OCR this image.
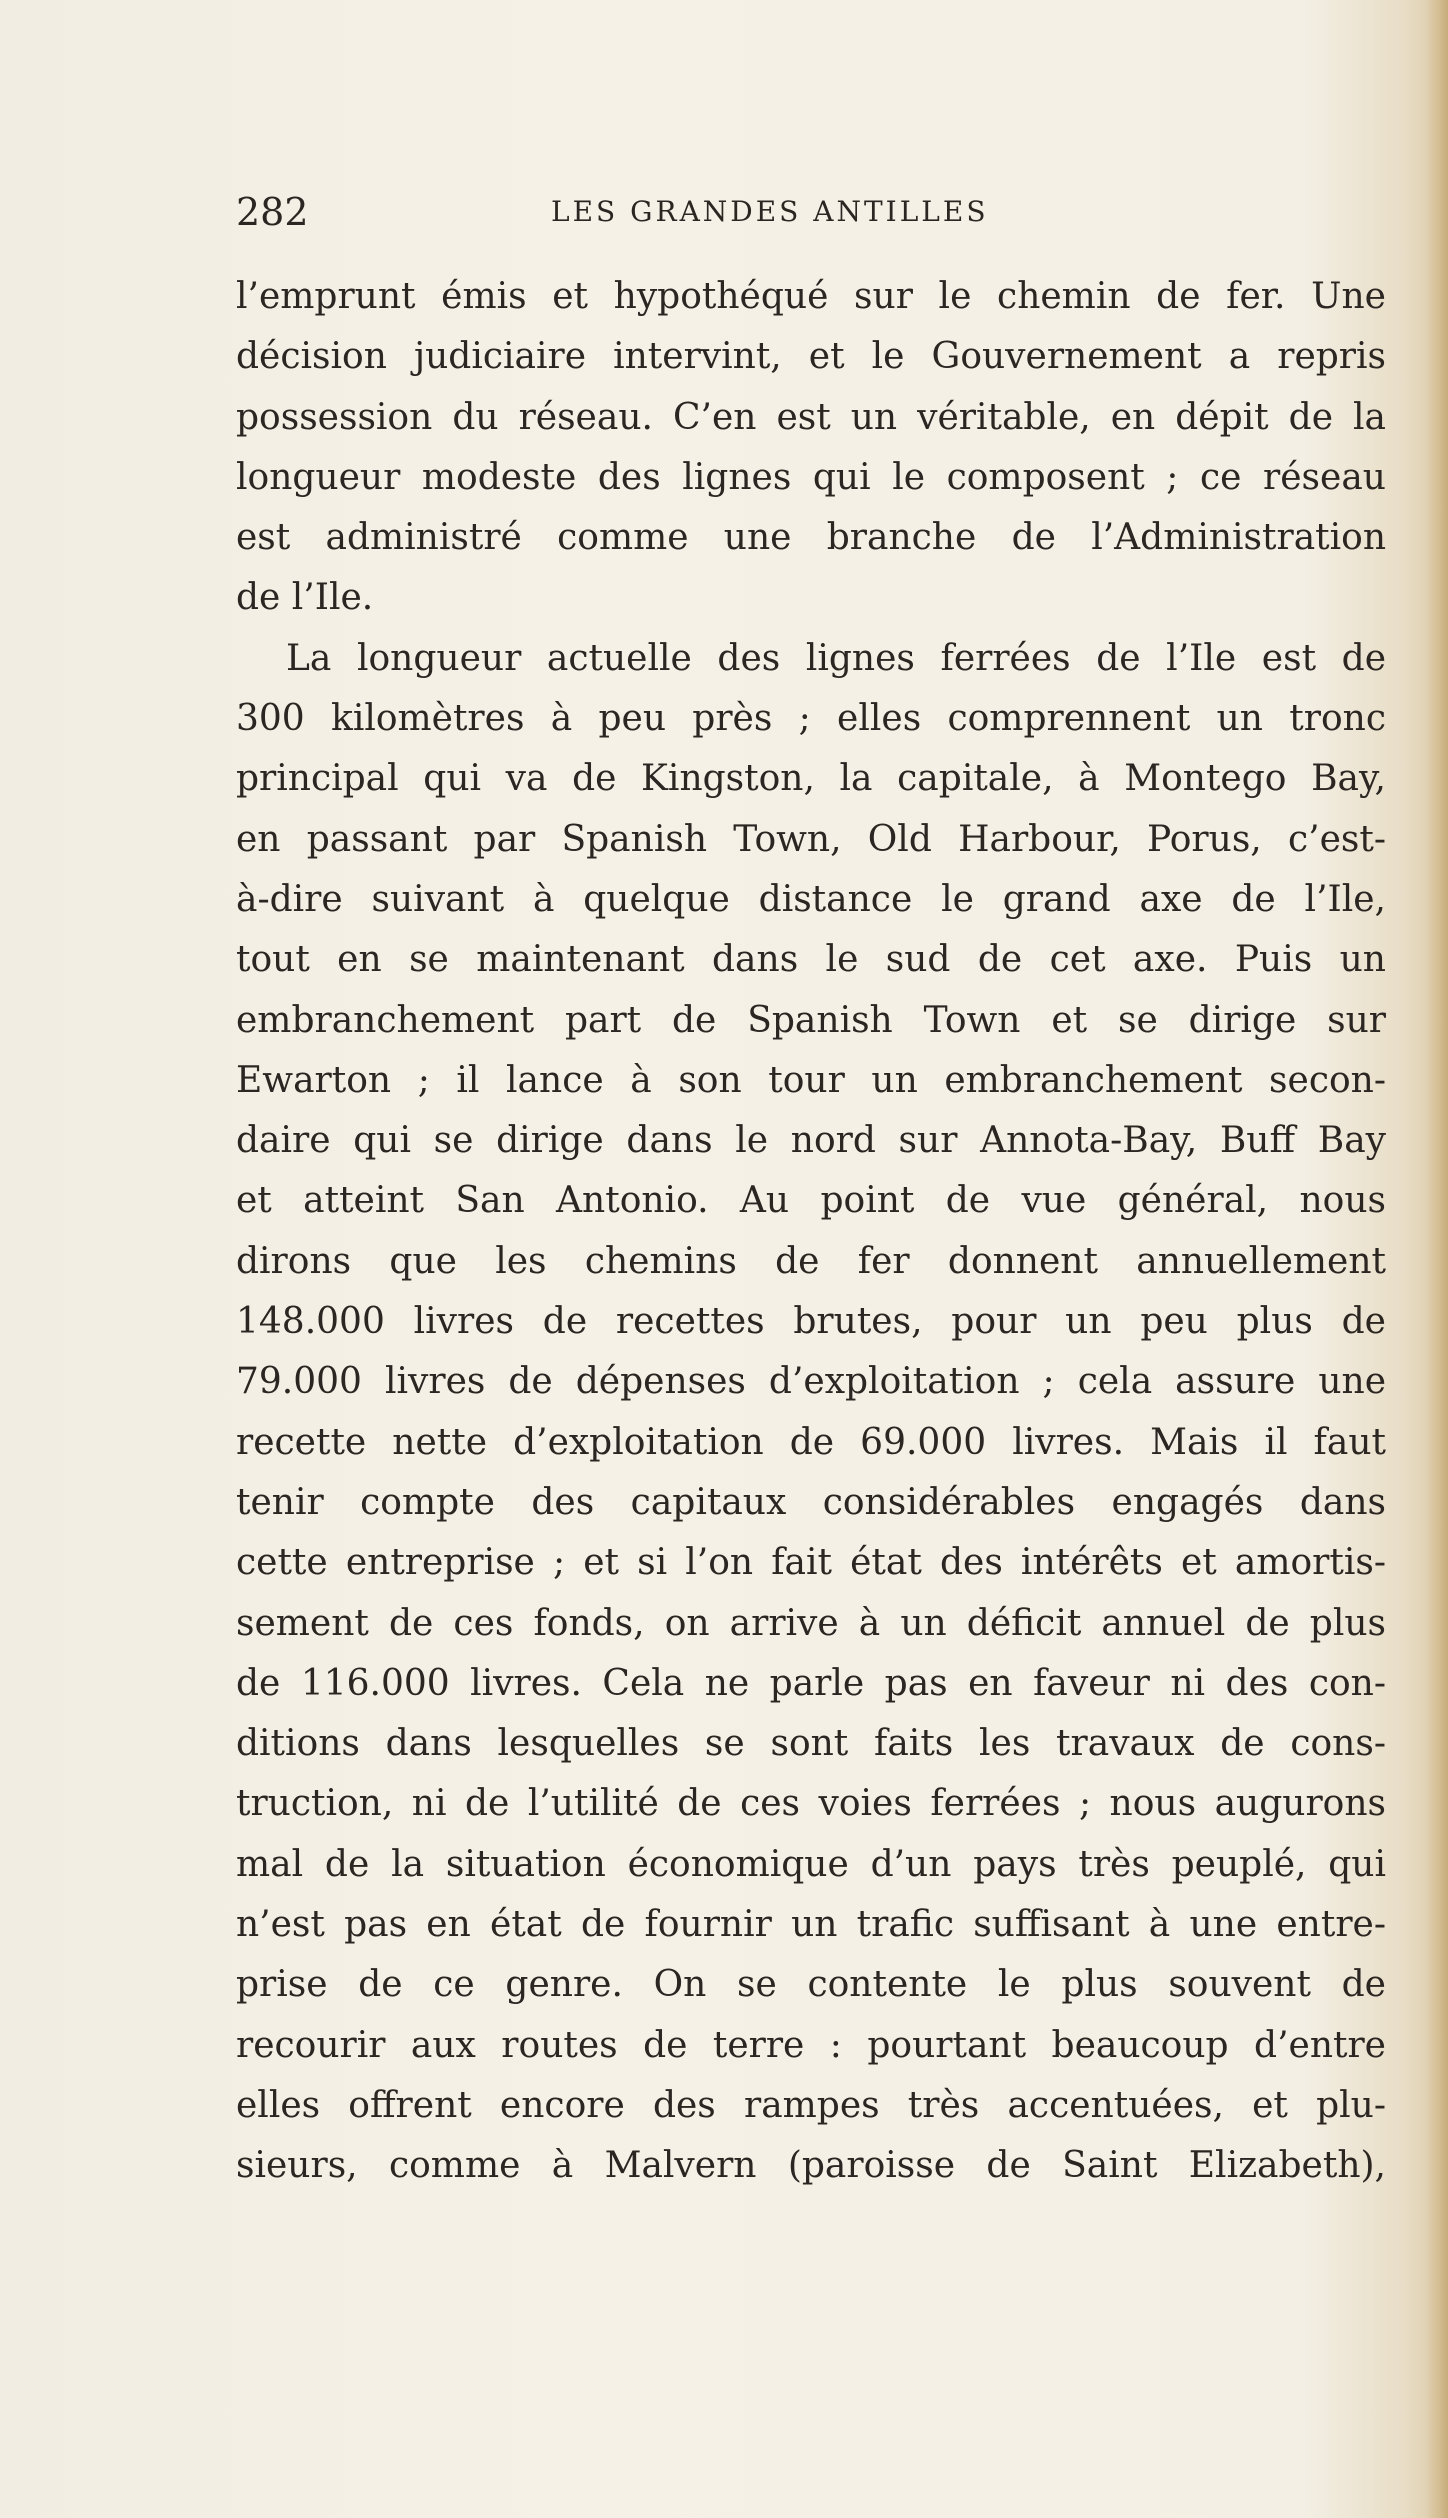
282	LES GRANDES ANTILLES
l’emprunt émis et hypothéqué sur le chemin de fer. Une
décision judiciaire intervint, et le Gouvernement a repris
possession du réseau. C’en est un véritable, en dépit de la
longueur modeste des lignes qui le composent ; ce réseau
est administré comme une branche de l’Administration
de l’Ile.
La longueur actuelle des lignes ferrées de l’Ile est de
300 kilomètres à peu près ; elles comprennent un tronc
principal qui va de Kingston, la capitale, à Montego Bay,
en passant par Spanish Town, Old Harbour, Porus, c’est-
à-dire suivant à quelque distance le grand axe de l’Ile,
tout en se maintenant dans le sud de cet axe. Puis un
embranchement part de Spanish Town et se dirige sur
Ewarton ; il lance à son tour un embranchement secon-
daire qui se dirige dans le nord sur Annota-Bay, Buff Bay
et atteint San Antonio. Au point de vue général, nous
dirons que les chemins de fer donnent annuellement
148.000 livres de recettes brutes, pour un peu plus de
79.000 livres de dépenses d’exploitation ; cela assure une
recette nette d’exploitation de 69.000 livres. Mais il faut
tenir compte des capitaux considérables engagés dans
cette entreprise ; et si l’on fait état des intérêts et amortis-
sement de ces fonds, on arrive à un déficit annuel de plus
de 116.000 livres. Cela ne parle pas en faveur ni des con-
ditions dans lesquelles se sont faits les travaux de cons-
truction, ni de l’utilité de ces voies ferrées ; nous augurons
mal de la situation économique d’un pays très peuplé, qui
n’est pas en état de fournir un trafic suffisant à une entre-
prise de ce genre. On se contente le plus souvent de
recourir aux routes de terre : pourtant beaucoup d’entre
elles offrent encore des rampes très accentuées, et plu-
sieurs, comme à Malvern (paroisse de Saint Elizabeth),
